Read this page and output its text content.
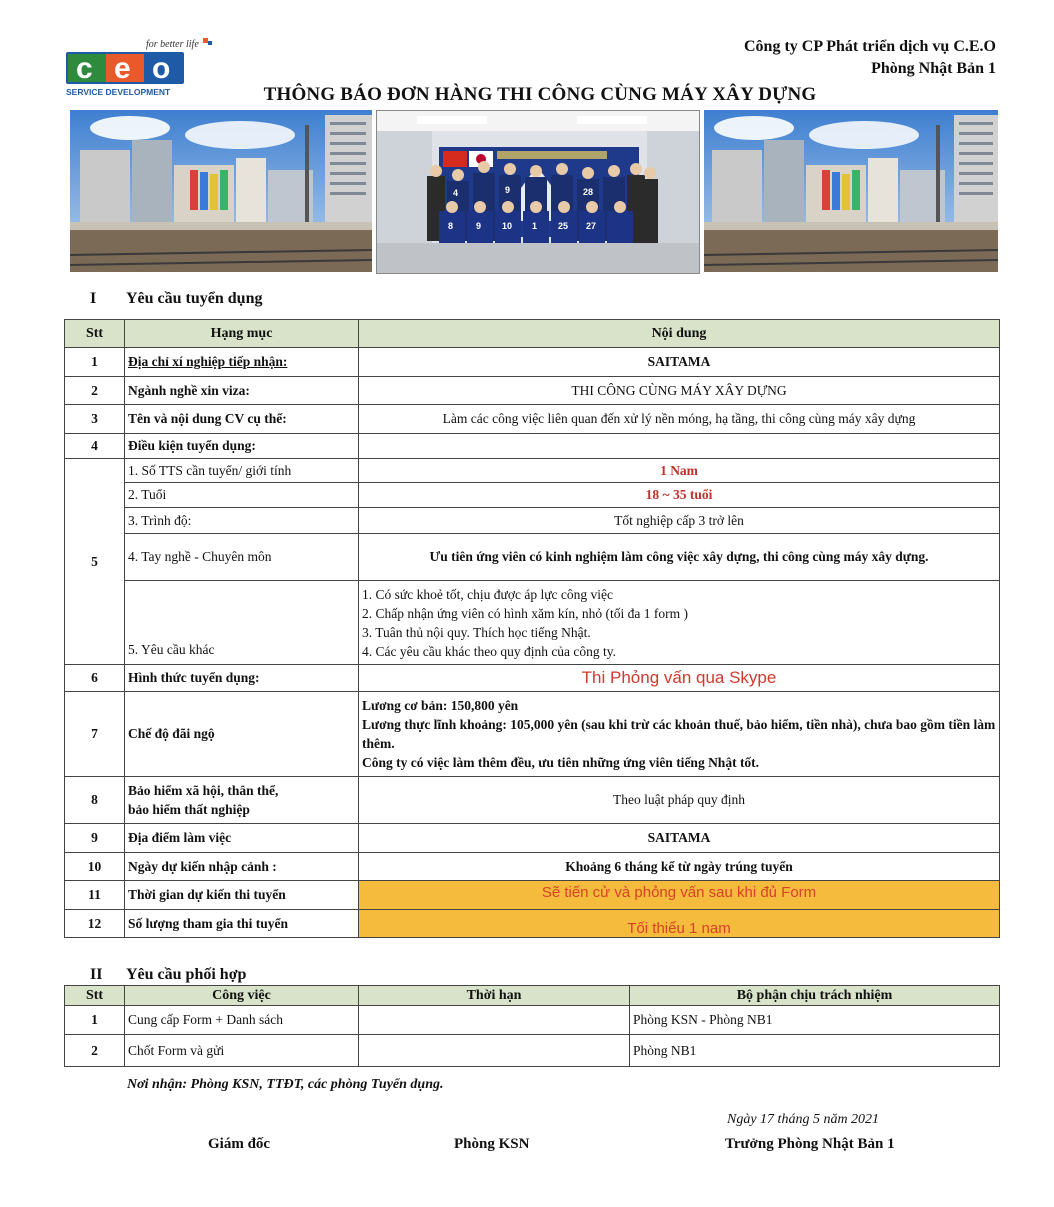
for better life
c e o
SERVICE DEVELOPMENT
Công ty CP Phát triển dịch vụ C.E.O
Phòng Nhật Bản 1
THÔNG BÁO ĐƠN HÀNG THI CÔNG CÙNG MÁY XÂY DỰNG
4	9	28
8	9 10 1 25 27
I Yêu cầu tuyển dụng
Stt	Hạng mục	Nội dung
1	Địa chỉ xí nghiệp tiếp nhận:	SAITAMA
2	Ngành nghề xin viza:	THI CÔNG CÙNG MÁY XÂY DỰNG
3	Tên và nội dung CV cụ thể:	Làm các công việc liên quan đến xử lý nền móng, hạ tầng, thi công cùng máy xây dựng
4	Điều kiện tuyển dụng:	
5	1. Số TTS cần tuyển/ giới tính	1 Nam
	2. Tuổi	18 ~ 35 tuổi
	3. Trình độ:	Tốt nghiệp cấp 3 trở lên
	4. Tay nghề - Chuyên môn	Ưu tiên ứng viên có kinh nghiệm làm công việc xây dựng, thi công cùng máy xây dựng.
	5. Yêu cầu khác	1. Có sức khoẻ tốt, chịu được áp lực công việc
2. Chấp nhận ứng viên có hình xăm kín, nhỏ (tối đa 1 form )
3. Tuân thủ nội quy. Thích học tiếng Nhật.
4. Các yêu cầu khác theo quy định của công ty.

6	Hình thức tuyển dụng:	Thi Phỏng vấn qua Skype
7	Chế độ đãi ngộ	Lương cơ bản: 150,800 yên
Lương thực lĩnh khoảng: 105,000 yên (sau khi trừ các khoản thuế, bảo hiểm, tiền nhà), chưa bao gồm tiền làm thêm.
Công ty có việc làm thêm đều, ưu tiên những ứng viên tiếng Nhật tốt.

8	Bảo hiểm xã hội, thân thể,
bảo hiểm thất nghiệp	Theo luật pháp quy định
9	Địa điểm làm việc	SAITAMA
10	Ngày dự kiến nhập cảnh :	Khoảng 6 tháng kể từ ngày trúng tuyển
11	Thời gian dự kiến thi tuyển	Sẽ tiến cử và phỏng vấn sau khi đủ Form
12	Số lượng tham gia thi tuyển	Tối thiểu 1 nam
II Yêu cầu phối hợp
Stt	Công việc	Thời hạn	Bộ phận chịu trách nhiệm
1	Cung cấp Form + Danh sách		Phòng KSN - Phòng NB1
2	Chốt Form và gửi		Phòng NB1
Nơi nhận: Phòng KSN, TTĐT, các phòng Tuyển dụng.
Ngày 17 tháng 5 năm 2021
Giám đốc	Phòng KSN	Trưởng Phòng Nhật Bản 1
